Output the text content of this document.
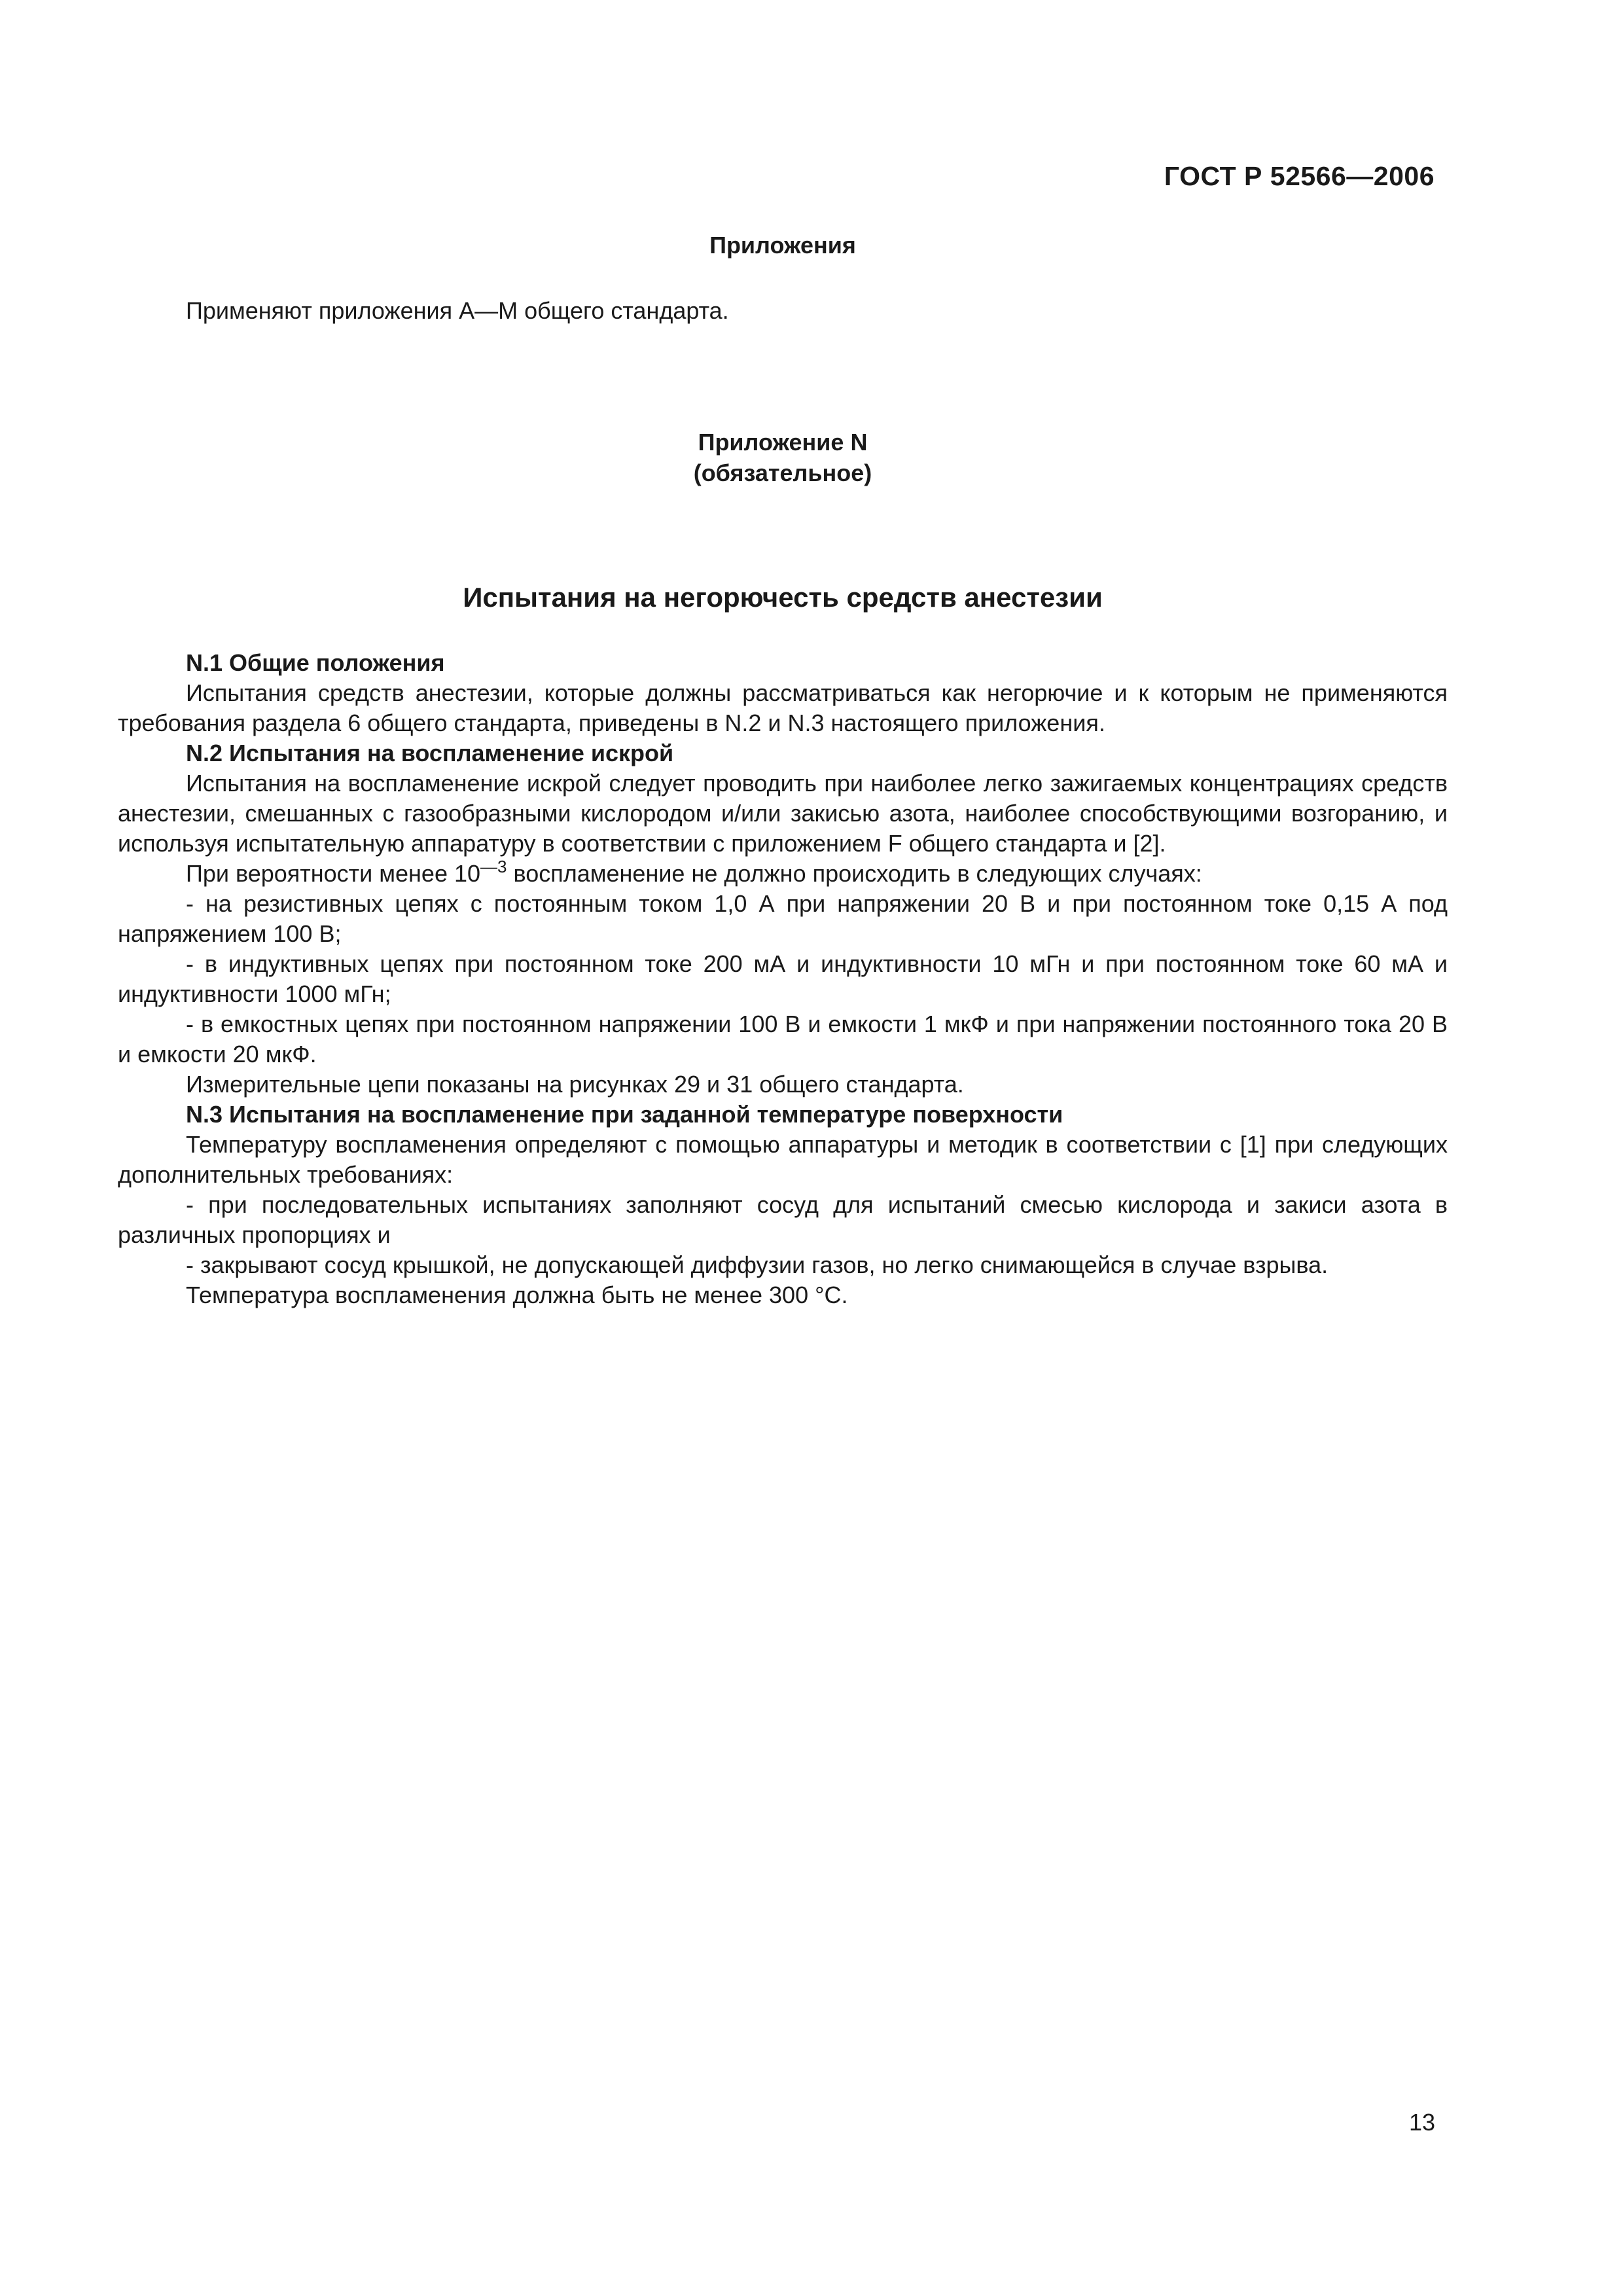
ГОСТ Р 52566—2006
Приложения

Применяют приложения А—М общего стандарта.

Приложение N
(обязательное)
Испытания на негорючесть средств анестезии

N.1 Общие положения

Испытания средств анестезии, которые должны рассматриваться как негорючие и к которым не применяются требования раздела 6 общего стандарта, приведены в N.2 и N.3 настоящего приложения.

N.2 Испытания на воспламенение искрой

Испытания на воспламенение искрой следует проводить при наиболее легко зажигаемых концентрациях средств анестезии, смешанных с газообразными кислородом и/или закисью азота, наиболее способствующими возгоранию, и используя испытательную аппаратуру в соответствии с приложением F общего стандарта и [2].

При вероятности менее $10^{—3}$ воспламенение не должно происходить в следующих случаях:

- на резистивных цепях с постоянным током 1,0 А при напряжении 20 В и при постоянном токе 0,15 А под напряжением 100 В;

- в индуктивных цепях при постоянном токе 200 мА и индуктивности 10 мГн и при постоянном токе 60 мА и индуктивности 1000 мГн;

- в емкостных цепях при постоянном напряжении 100 В и емкости 1 мкФ и при напряжении постоянного тока 20 В и емкости 20 мкФ.

Измерительные цепи показаны на рисунках 29 и 31 общего стандарта.

N.3 Испытания на воспламенение при заданной температуре поверхности

Температуру воспламенения определяют с помощью аппаратуры и методик в соответствии с [1] при следующих дополнительных требованиях:

- при последовательных испытаниях заполняют сосуд для испытаний смесью кислорода и закиси азота в различных пропорциях и

- закрывают сосуд крышкой, не допускающей диффузии газов, но легко снимающейся в случае взрыва.

Температура воспламенения должна быть не менее 300 °С.

13
